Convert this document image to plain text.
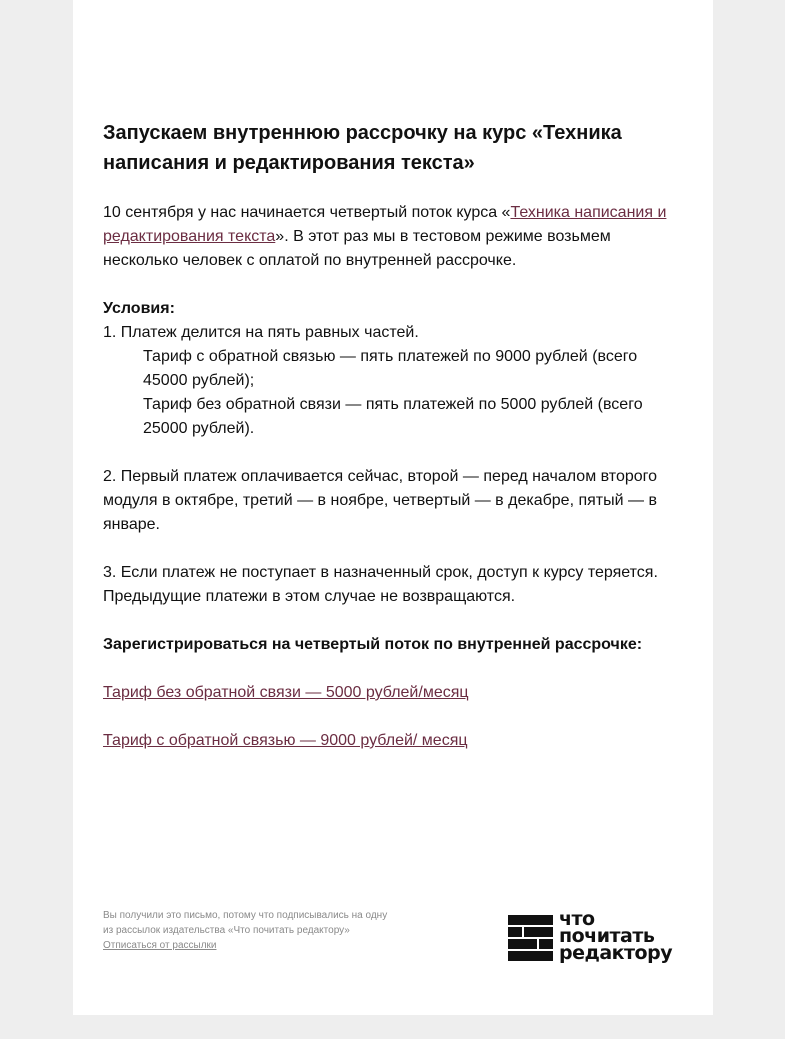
Запускаем внутреннюю рассрочку на курс «Техника написания и редактирования текста»

10 сентября у нас начинается четвертый поток курса «Техника написания и редактирования текста». В этот раз мы в тестовом режиме возьмем несколько человек с оплатой по внутренней рассрочке.

Условия:

1. Платеж делится на пять равных частей.

Тариф с обратной связью — пять платежей по 9000 рублей (всего 45000 рублей);

Тариф без обратной связи — пять платежей по 5000 рублей (всего 25000 рублей).

2. Первый платеж оплачивается сейчас, второй — перед началом второго модуля в октябре, третий — в ноябре, четвертый — в декабре, пятый — в январе.

3. Если платеж не поступает в назначенный срок, доступ к курсу теряется. Предыдущие платежи в этом случае не возвращаются.

Зарегистрироваться на четвертый поток по внутренней рассрочке:

Тариф без обратной связи — 5000 рублей/месяц

Тариф с обратной связью — 9000 рублей/ месяц

Вы получили это письмо, потому что подписывались на одну из рассылок издательства «Что почитать редактору»
Отписаться от рассылки
что
почитать
редактору
